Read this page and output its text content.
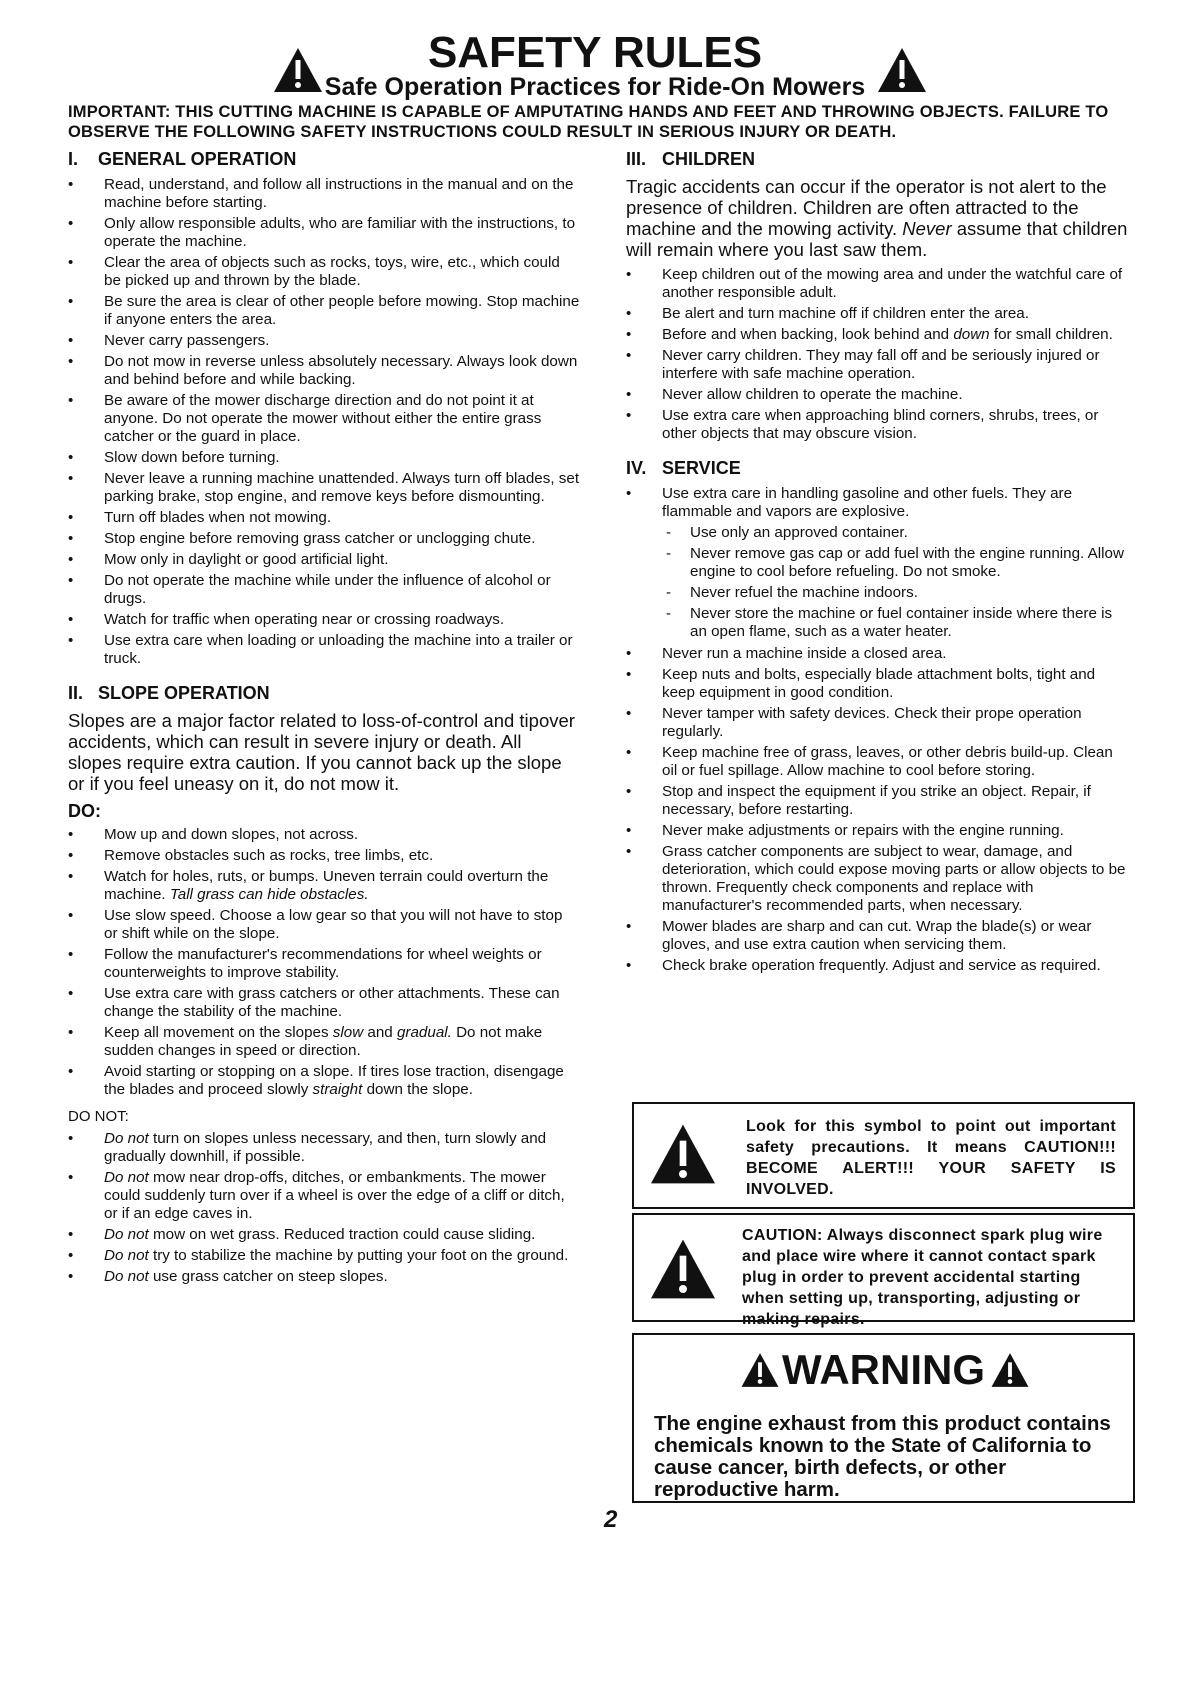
SAFETY RULES
Safe Operation Practices for Ride-On Mowers
IMPORTANT: THIS CUTTING MACHINE IS CAPABLE OF AMPUTATING HANDS AND FEET AND THROWING OBJECTS. FAILURE TO OBSERVE THE FOLLOWING SAFETY INSTRUCTIONS COULD RESULT IN SERIOUS INJURY OR DEATH.
I. GENERAL OPERATION
• Read, understand, and follow all instructions in the manual and on the machine before starting.
• Only allow responsible adults, who are familiar with the instructions, to operate the machine.
• Clear the area of objects such as rocks, toys, wire, etc., which could be picked up and thrown by the blade.
• Be sure the area is clear of other people before mowing. Stop machine if anyone enters the area.
• Never carry passengers.
• Do not mow in reverse unless absolutely necessary. Always look down and behind before and while backing.
• Be aware of the mower discharge direction and do not point it at anyone. Do not operate the mower without either the entire grass catcher or the guard in place.
• Slow down before turning.
• Never leave a running machine unattended. Always turn off blades, set parking brake, stop engine, and remove keys before dismounting.
• Turn off blades when not mowing.
• Stop engine before removing grass catcher or unclogging chute.
• Mow only in daylight or good artificial light.
• Do not operate the machine while under the influence of alcohol or drugs.
• Watch for traffic when operating near or crossing roadways.
• Use extra care when loading or unloading the machine into a trailer or truck.
II. SLOPE OPERATION
Slopes are a major factor related to loss-of-control and tipover accidents, which can result in severe injury or death. All slopes require extra caution. If you cannot back up the slope or if you feel uneasy on it, do not mow it.
DO:
• Mow up and down slopes, not across.
• Remove obstacles such as rocks, tree limbs, etc.
• Watch for holes, ruts, or bumps. Uneven terrain could overturn the machine. Tall grass can hide obstacles.
• Use slow speed. Choose a low gear so that you will not have to stop or shift while on the slope.
• Follow the manufacturer's recommendations for wheel weights or counterweights to improve stability.
• Use extra care with grass catchers or other attachments. These can change the stability of the machine.
• Keep all movement on the slopes slow and gradual. Do not make sudden changes in speed or direction.
• Avoid starting or stopping on a slope. If tires lose traction, disengage the blades and proceed slowly straight down the slope.
DO NOT:
• Do not turn on slopes unless necessary, and then, turn slowly and gradually downhill, if possible.
• Do not mow near drop-offs, ditches, or embankments. The mower could suddenly turn over if a wheel is over the edge of a cliff or ditch, or if an edge caves in.
• Do not mow on wet grass. Reduced traction could cause sliding.
• Do not try to stabilize the machine by putting your foot on the ground.
• Do not use grass catcher on steep slopes.
III. CHILDREN
Tragic accidents can occur if the operator is not alert to the presence of children. Children are often attracted to the machine and the mowing activity. Never assume that children will remain where you last saw them.
• Keep children out of the mowing area and under the watchful care of another responsible adult.
• Be alert and turn machine off if children enter the area.
• Before and when backing, look behind and down for small children.
• Never carry children. They may fall off and be seriously injured or interfere with safe machine operation.
• Never allow children to operate the machine.
• Use extra care when approaching blind corners, shrubs, trees, or other objects that may obscure vision.
IV. SERVICE
• Use extra care in handling gasoline and other fuels. They are flammable and vapors are explosive.
- Use only an approved container.
- Never remove gas cap or add fuel with the engine running. Allow engine to cool before refueling. Do not smoke.
- Never refuel the machine indoors.
- Never store the machine or fuel container inside where there is an open flame, such as a water heater.
• Never run a machine inside a closed area.
• Keep nuts and bolts, especially blade attachment bolts, tight and keep equipment in good condition.
• Never tamper with safety devices. Check their prope operation regularly.
• Keep machine free of grass, leaves, or other debris build-up. Clean oil or fuel spillage. Allow machine to cool before storing.
• Stop and inspect the equipment if you strike an object. Repair, if necessary, before restarting.
• Never make adjustments or repairs with the engine running.
• Grass catcher components are subject to wear, damage, and deterioration, which could expose moving parts or allow objects to be thrown. Frequently check components and replace with manufacturer's recommended parts, when necessary.
• Mower blades are sharp and can cut. Wrap the blade(s) or wear gloves, and use extra caution when servicing them.
• Check brake operation frequently. Adjust and service as required.
Look for this symbol to point out important safety precautions. It means CAUTION!!! BECOME ALERT!!! YOUR SAFETY IS INVOLVED.
CAUTION: Always disconnect spark plug wire and place wire where it cannot contact spark plug in order to prevent accidental starting when setting up, transporting, adjusting or making repairs.
WARNING
The engine exhaust from this product contains chemicals known to the State of California to cause cancer, birth defects, or other reproductive harm.
2
